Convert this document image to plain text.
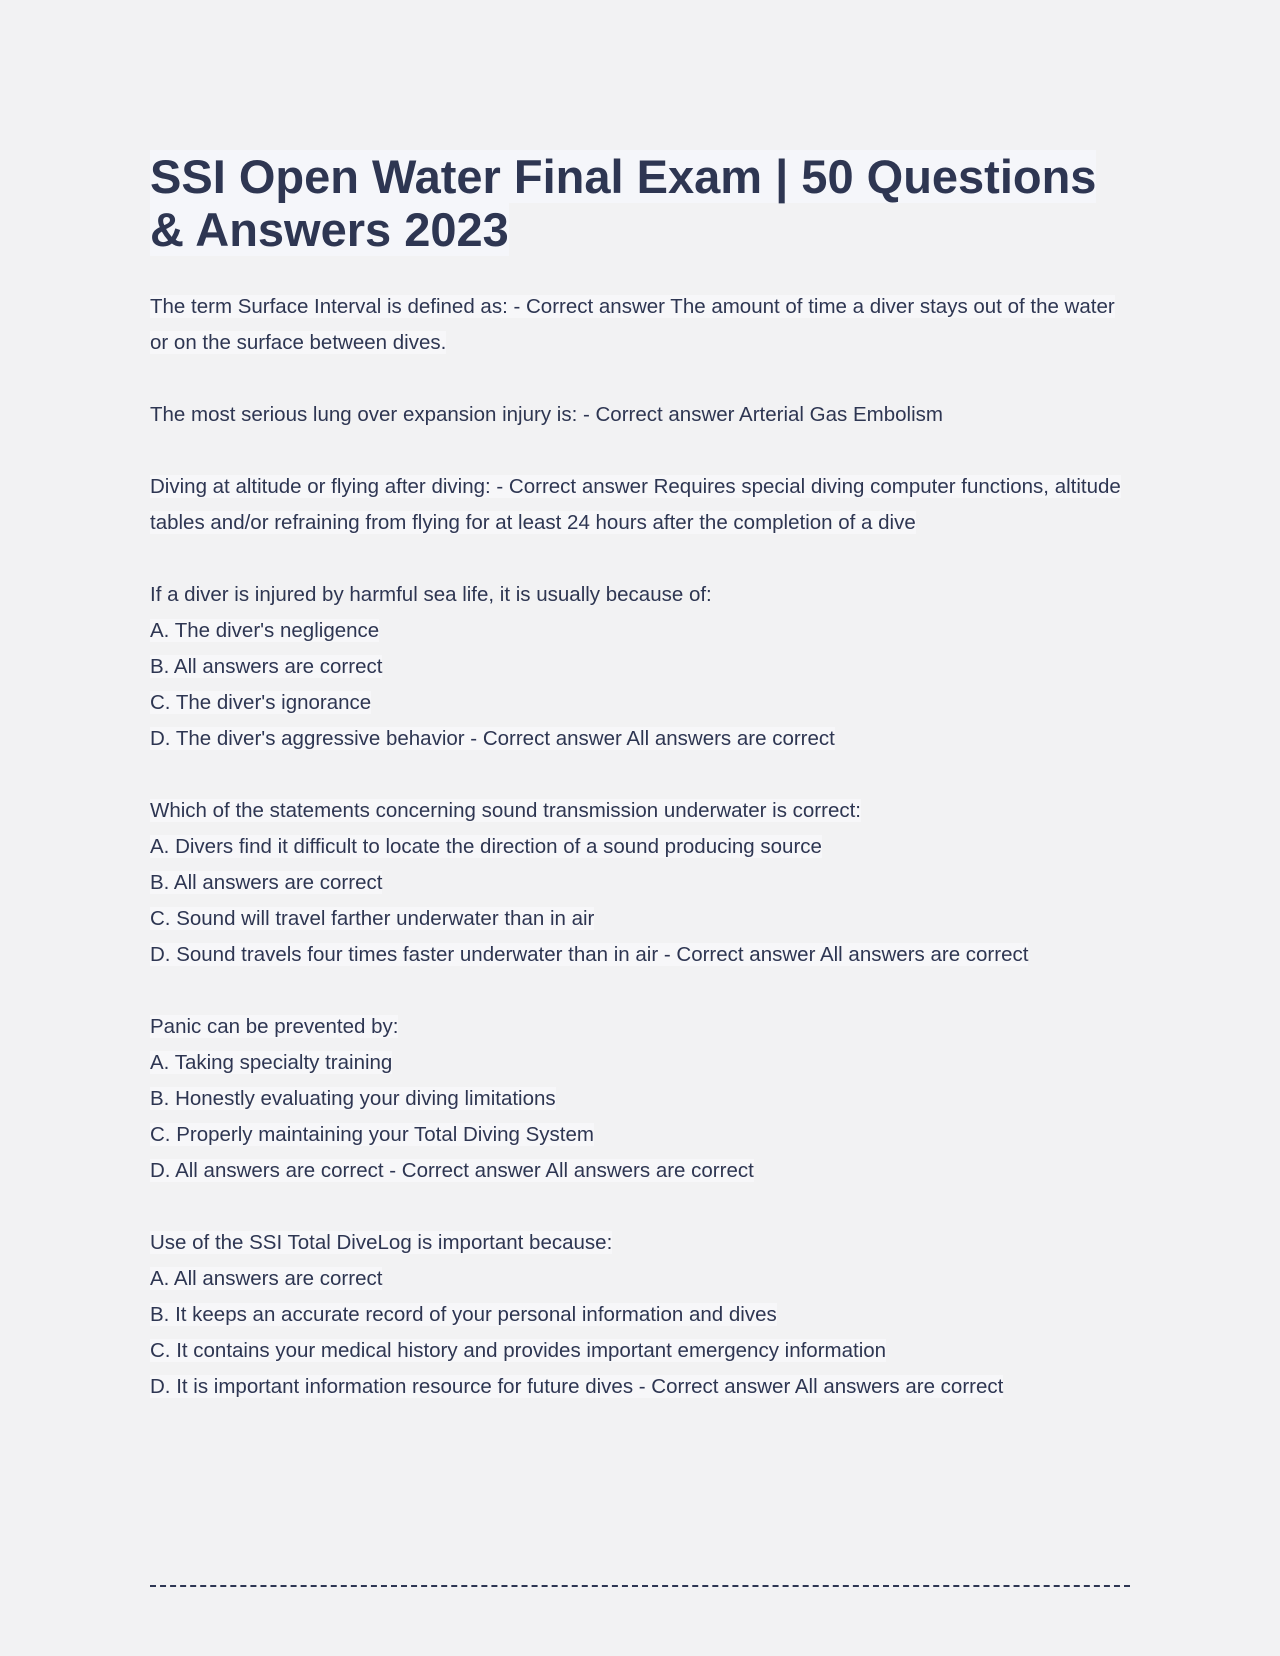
SSI Open Water Final Exam | 50 Questions & Answers 2023

The term Surface Interval is defined as: - Correct answer The amount of time a diver stays out of the water or on the surface between dives.

The most serious lung over expansion injury is: - Correct answer Arterial Gas Embolism

Diving at altitude or flying after diving: - Correct answer Requires special diving computer functions, altitude tables and/or refraining from flying for at least 24 hours after the completion of a dive

If a diver is injured by harmful sea life, it is usually because of:
A. The diver's negligence
B. All answers are correct
C. The diver's ignorance
D. The diver's aggressive behavior - Correct answer All answers are correct

Which of the statements concerning sound transmission underwater is correct:
A. Divers find it difficult to locate the direction of a sound producing source
B. All answers are correct
C. Sound will travel farther underwater than in air
D. Sound travels four times faster underwater than in air - Correct answer All answers are correct

Panic can be prevented by:
A. Taking specialty training
B. Honestly evaluating your diving limitations
C. Properly maintaining your Total Diving System
D. All answers are correct - Correct answer All answers are correct

Use of the SSI Total DiveLog is important because:
A. All answers are correct
B. It keeps an accurate record of your personal information and dives
C. It contains your medical history and provides important emergency information
D. It is important information resource for future dives - Correct answer All answers are correct
